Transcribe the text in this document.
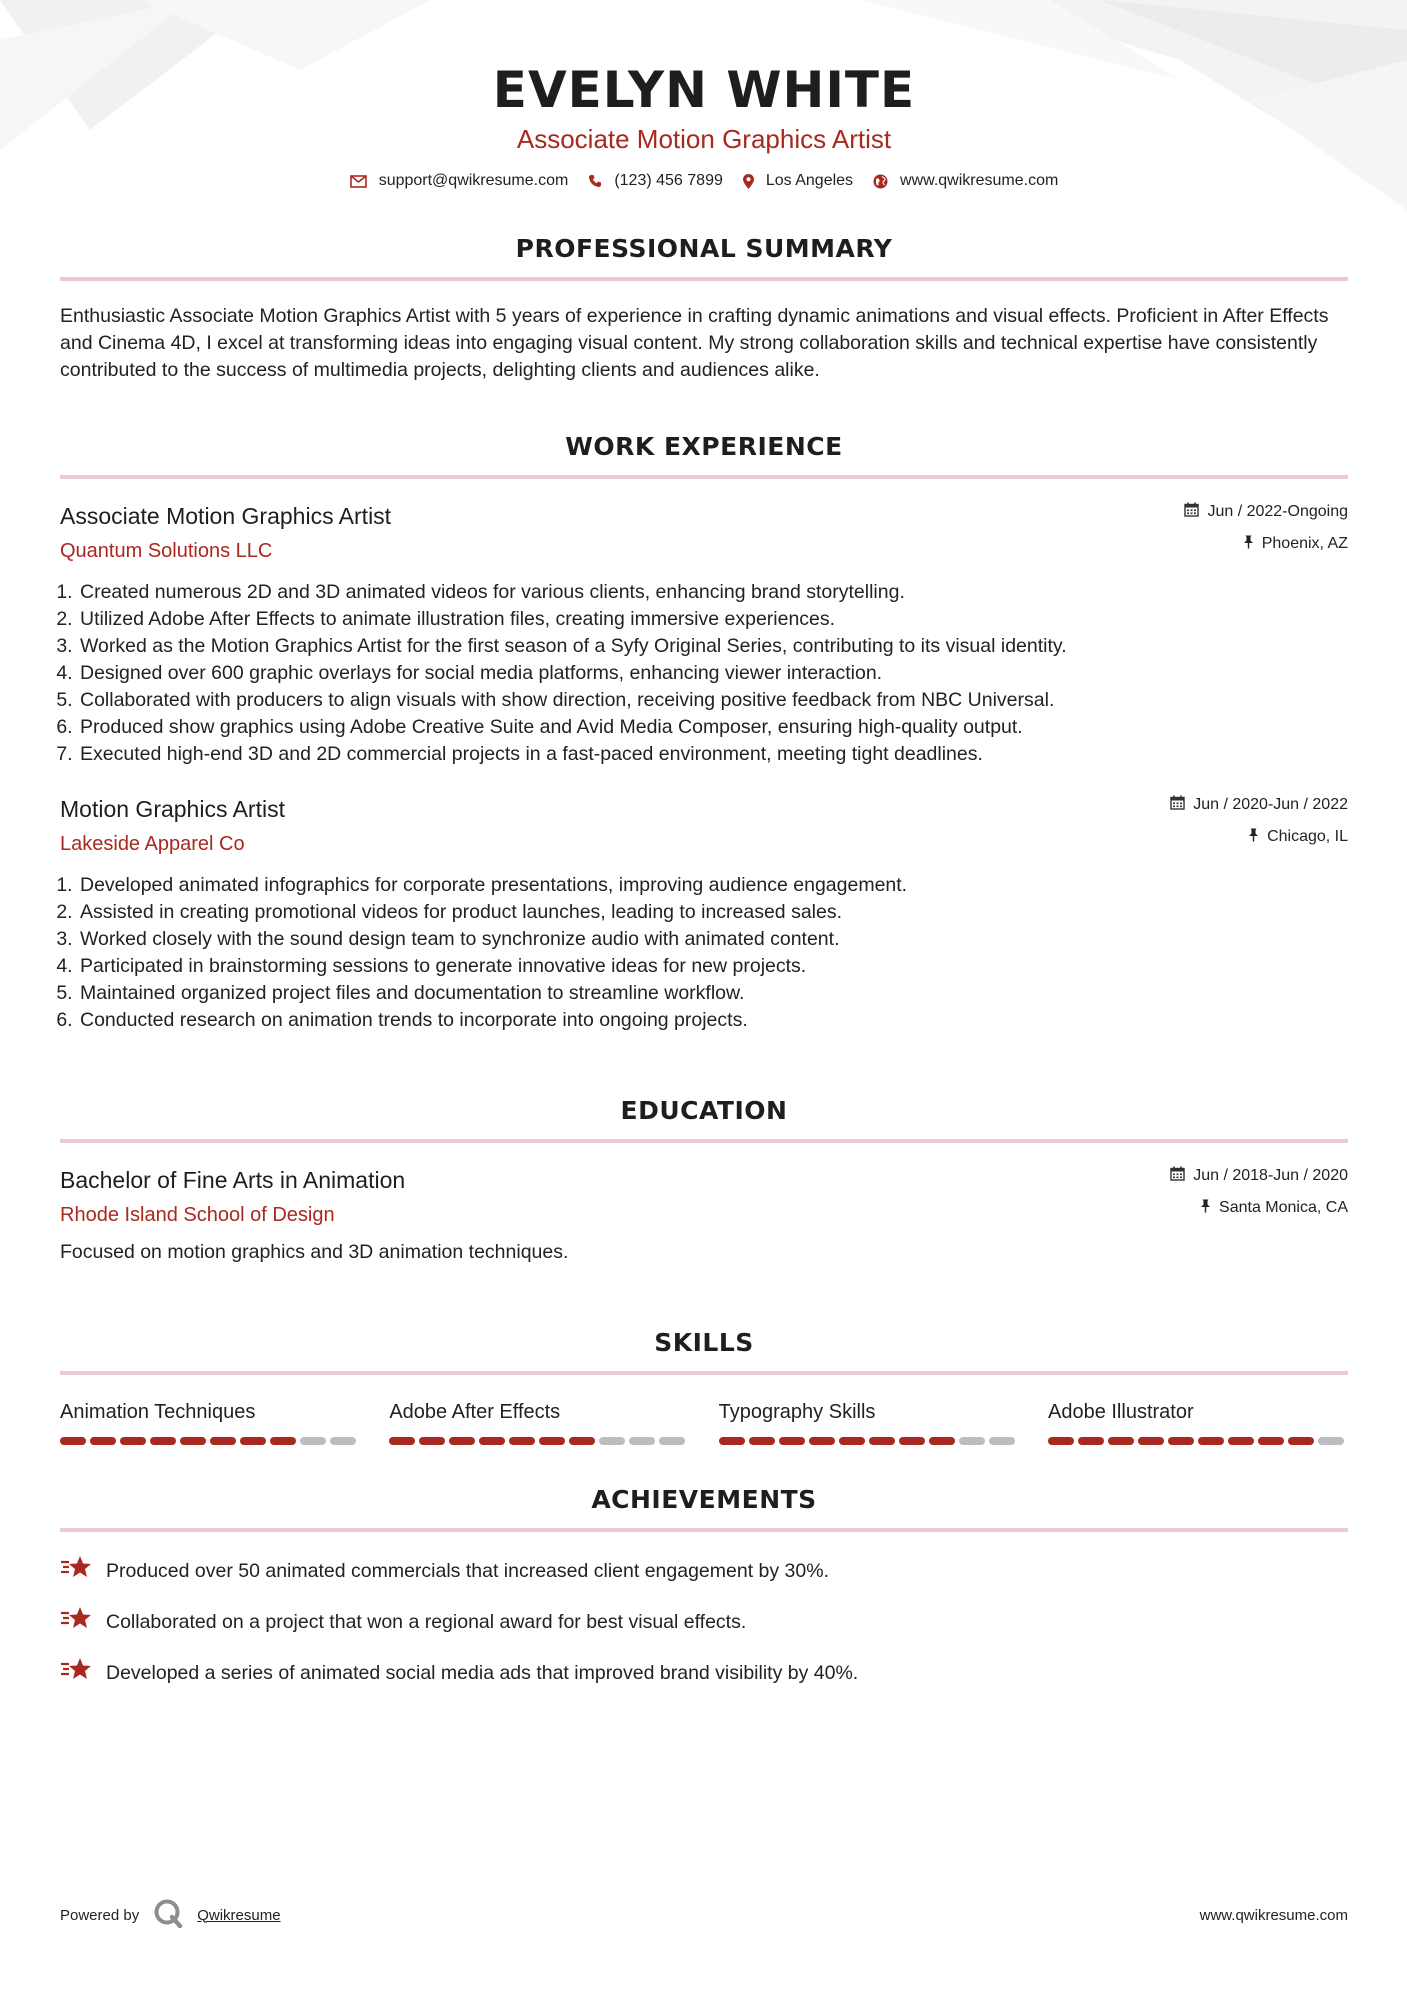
EVELYN WHITE
Associate Motion Graphics Artist
support@qwikresume.com	(123) 456 7899	Los Angeles	www.qwikresume.com
PROFESSIONAL SUMMARY
Enthusiastic Associate Motion Graphics Artist with 5 years of experience in crafting dynamic animations and visual effects. Proficient in After Effects and Cinema 4D, I excel at transforming ideas into engaging visual content. My strong collaboration skills and technical expertise have consistently contributed to the success of multimedia projects, delighting clients and audiences alike.
WORK EXPERIENCE
Associate Motion Graphics Artist
Quantum Solutions LLC
Jun / 2022-Ongoing
Phoenix, AZ
1. Created numerous 2D and 3D animated videos for various clients, enhancing brand storytelling.
2. Utilized Adobe After Effects to animate illustration files, creating immersive experiences.
3. Worked as the Motion Graphics Artist for the first season of a Syfy Original Series, contributing to its visual identity.
4. Designed over 600 graphic overlays for social media platforms, enhancing viewer interaction.
5. Collaborated with producers to align visuals with show direction, receiving positive feedback from NBC Universal.
6. Produced show graphics using Adobe Creative Suite and Avid Media Composer, ensuring high-quality output.
7. Executed high-end 3D and 2D commercial projects in a fast-paced environment, meeting tight deadlines.
Motion Graphics Artist
Lakeside Apparel Co
Jun / 2020-Jun / 2022
Chicago, IL
1. Developed animated infographics for corporate presentations, improving audience engagement.
2. Assisted in creating promotional videos for product launches, leading to increased sales.
3. Worked closely with the sound design team to synchronize audio with animated content.
4. Participated in brainstorming sessions to generate innovative ideas for new projects.
5. Maintained organized project files and documentation to streamline workflow.
6. Conducted research on animation trends to incorporate into ongoing projects.
EDUCATION
Bachelor of Fine Arts in Animation
Rhode Island School of Design
Jun / 2018-Jun / 2020
Santa Monica, CA
Focused on motion graphics and 3D animation techniques.
SKILLS
Animation Techniques	Adobe After Effects	Typography Skills	Adobe Illustrator
ACHIEVEMENTS
Produced over 50 animated commercials that increased client engagement by 30%.
Collaborated on a project that won a regional award for best visual effects.
Developed a series of animated social media ads that improved brand visibility by 40%.
Powered by	Qwikresume	www.qwikresume.com
